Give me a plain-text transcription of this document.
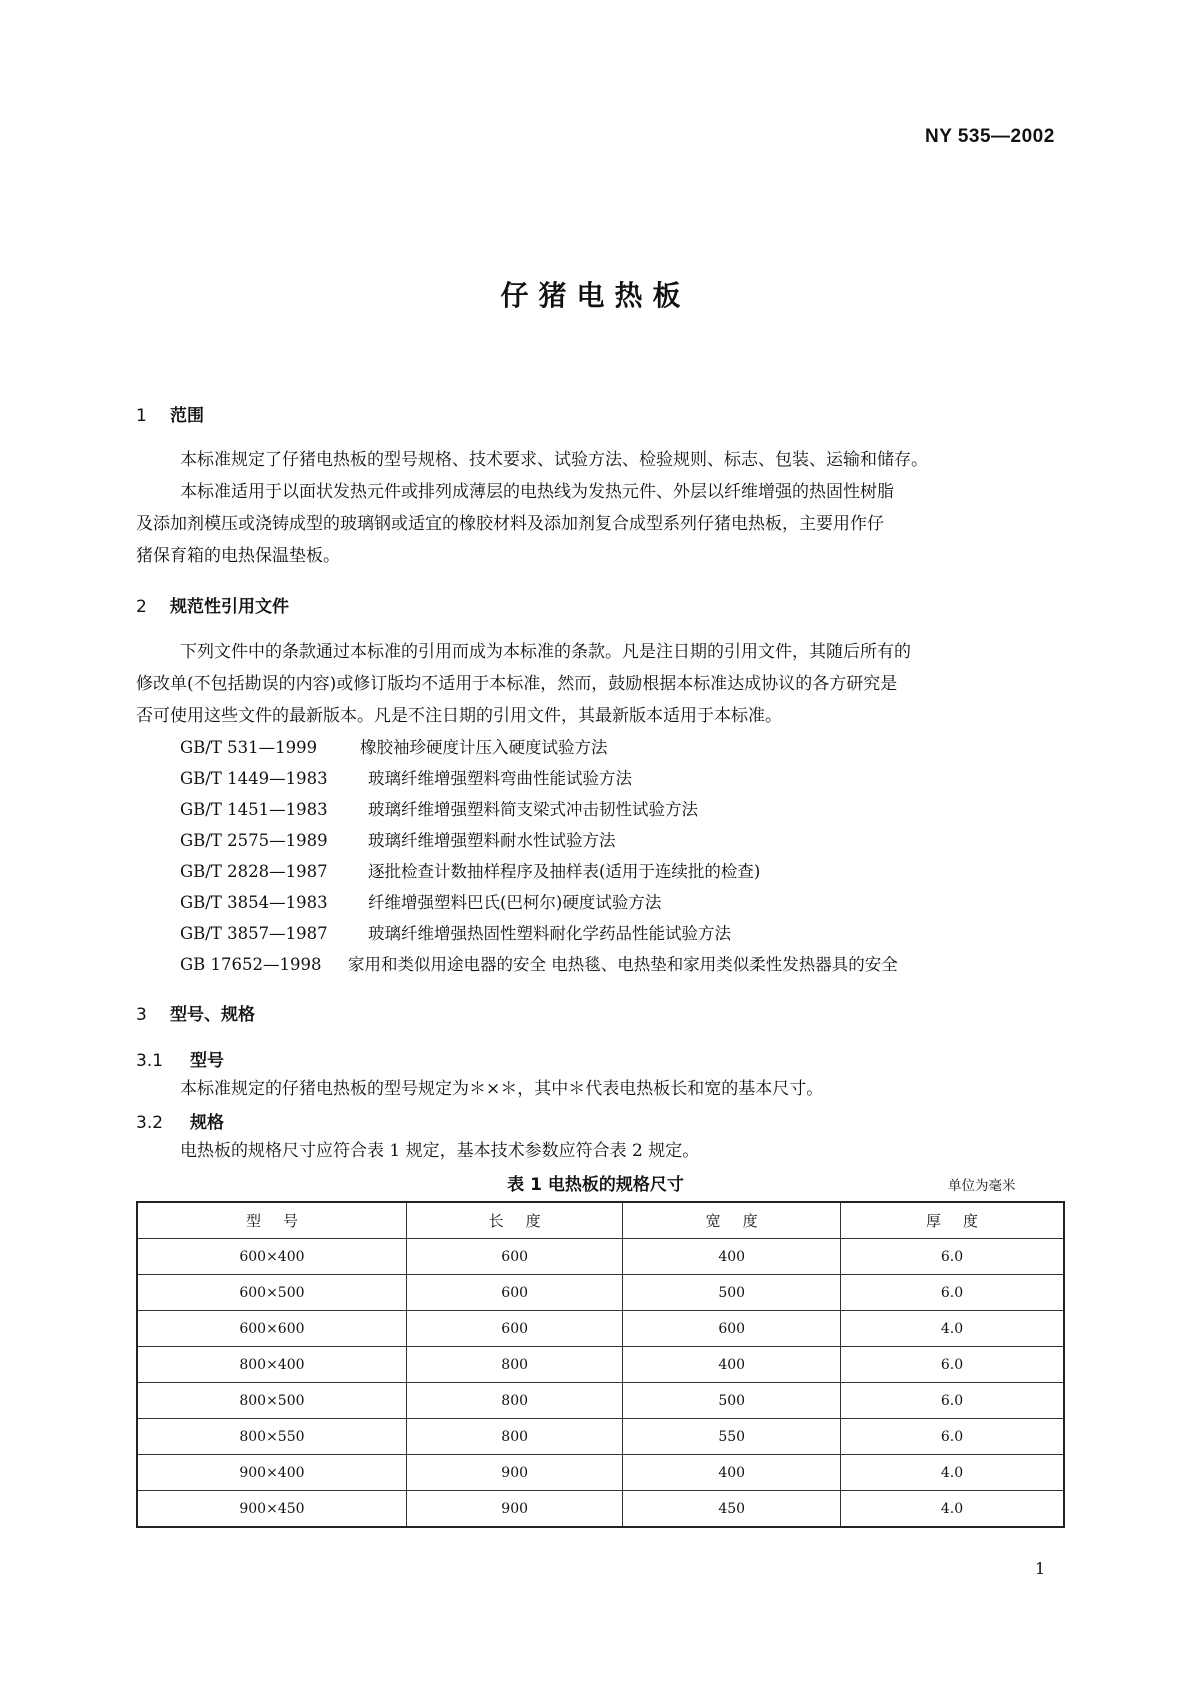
NY 535—2002
仔猪电热板
1 范围
本标准规定了仔猪电热板的型号规格、技术要求、试验方法、检验规则、标志、包装、运输和储存。
本标准适用于以面状发热元件或排列成薄层的电热线为发热元件、外层以纤维增强的热固性树脂
及添加剂模压或浇铸成型的玻璃钢或适宜的橡胶材料及添加剂复合成型系列仔猪电热板，主要用作仔
猪保育箱的电热保温垫板。
2 规范性引用文件
下列文件中的条款通过本标准的引用而成为本标准的条款。凡是注日期的引用文件，其随后所有的
修改单(不包括勘误的内容)或修订版均不适用于本标准，然而，鼓励根据本标准达成协议的各方研究是
否可使用这些文件的最新版本。凡是不注日期的引用文件，其最新版本适用于本标准。
GB/T 531—1999	橡胶袖珍硬度计压入硬度试验方法
GB/T 1449—1983 玻璃纤维增强塑料弯曲性能试验方法
GB/T 1451—1983 玻璃纤维增强塑料简支梁式冲击韧性试验方法
GB/T 2575—1989 玻璃纤维增强塑料耐水性试验方法
GB/T 2828—1987 逐批检查计数抽样程序及抽样表(适用于连续批的检查)
GB/T 3854—1983 纤维增强塑料巴氏(巴柯尔)硬度试验方法
GB/T 3857—1987 玻璃纤维增强热固性塑料耐化学药品性能试验方法
GB 17652—1998 家用和类似用途电器的安全 电热毯、电热垫和家用类似柔性发热器具的安全
3 型号、规格
3.1 型号
本标准规定的仔猪电热板的型号规定为＊×＊，其中＊代表电热板长和宽的基本尺寸。
3.2 规格
电热板的规格尺寸应符合表 1 规定，基本技术参数应符合表 2 规定。
表 1 电热板的规格尺寸	单位为毫米
型号	长度	宽度	厚度
600×400	600	400	6.0
600×500	600	500	6.0
600×600	600	600	4.0
800×400	800	400	6.0
800×500	800	500	6.0
800×550	800	550	6.0
900×400	900	400	4.0
900×450	900	450	4.0
1
